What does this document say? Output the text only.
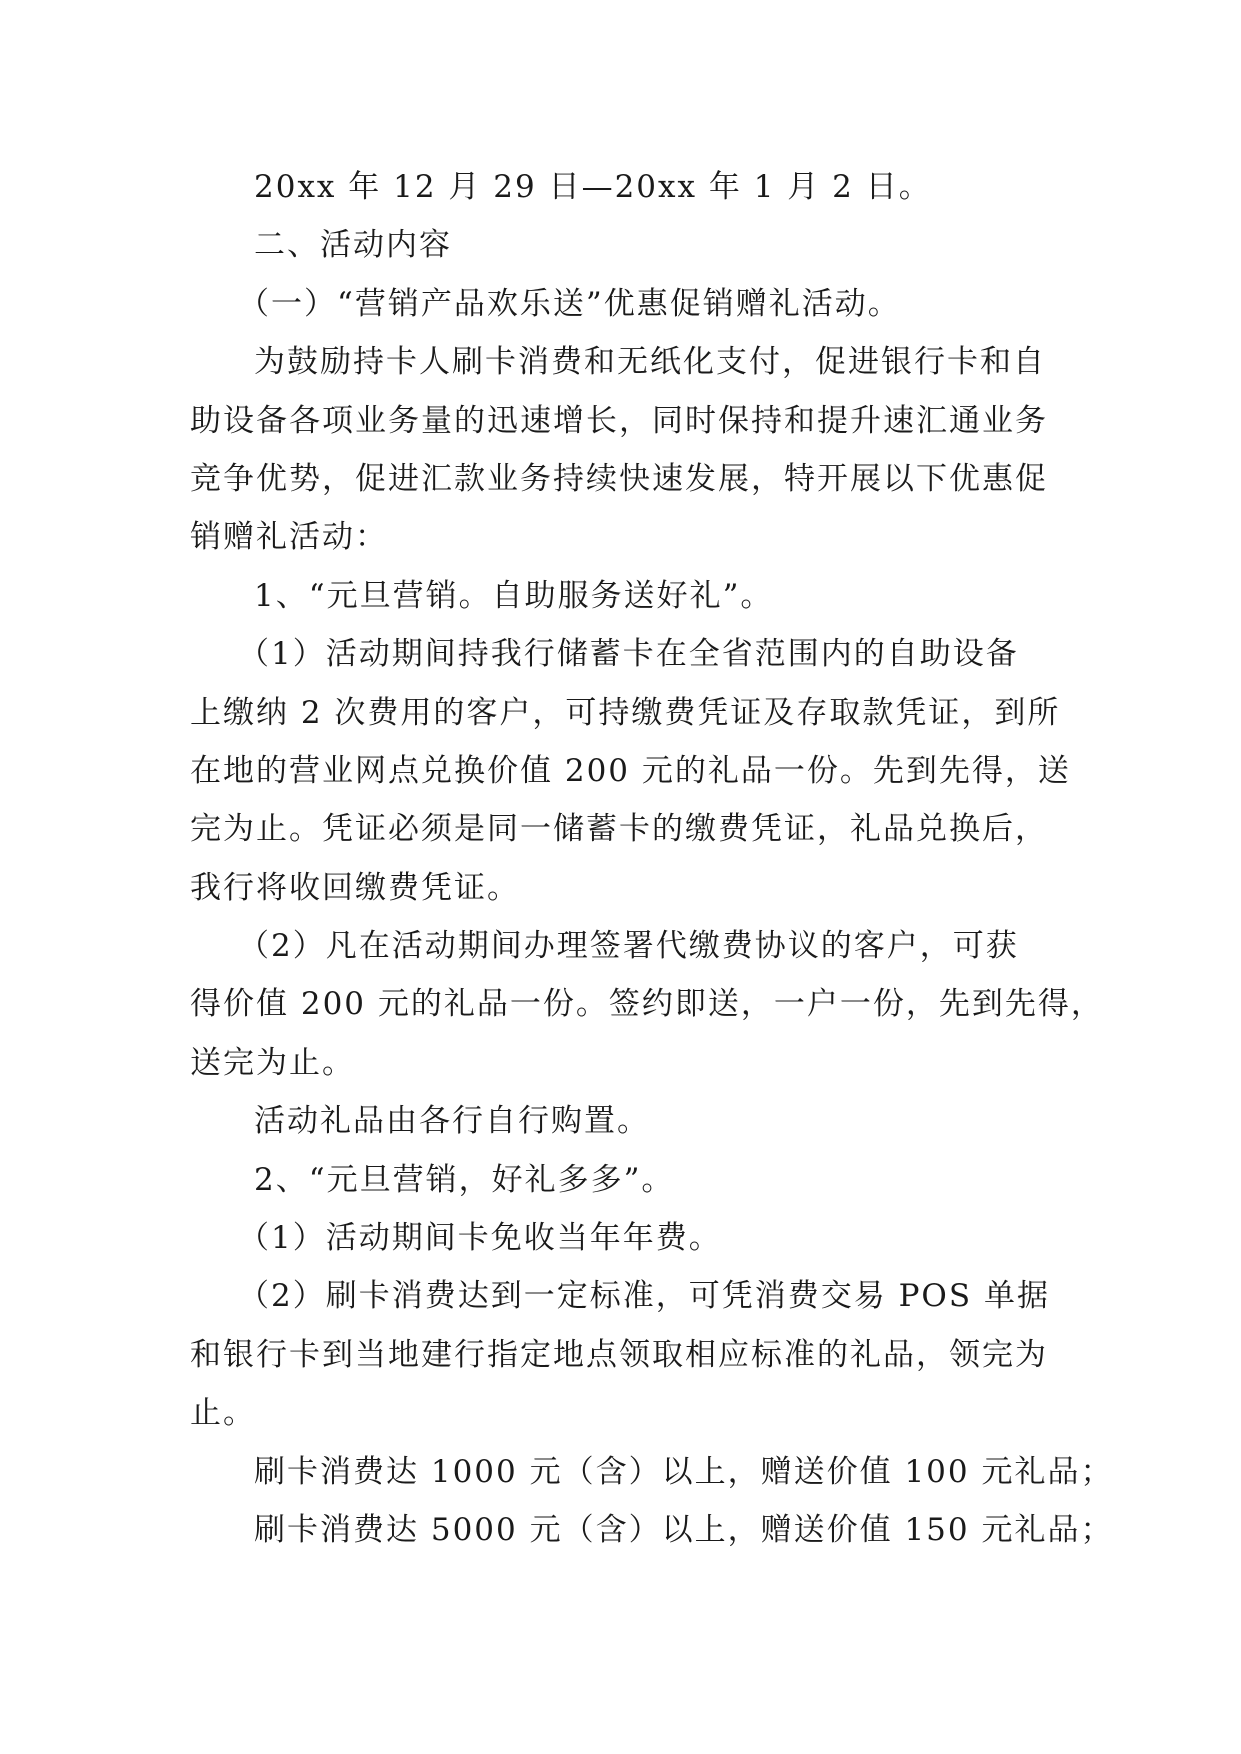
20xx 年 12 月 29 日—20xx 年 1 月 2 日。
二、活动内容
（一）“营销产品欢乐送”优惠促销赠礼活动。
为鼓励持卡人刷卡消费和无纸化支付，促进银行卡和自
助设备各项业务量的迅速增长，同时保持和提升速汇通业务
竞争优势，促进汇款业务持续快速发展，特开展以下优惠促
销赠礼活动：
1、“元旦营销。自助服务送好礼”。
（1）活动期间持我行储蓄卡在全省范围内的自助设备
上缴纳 2 次费用的客户，可持缴费凭证及存取款凭证，到所
在地的营业网点兑换价值 200 元的礼品一份。先到先得，送
完为止。凭证必须是同一储蓄卡的缴费凭证，礼品兑换后，
我行将收回缴费凭证。
（2）凡在活动期间办理签署代缴费协议的客户，可获
得价值 200 元的礼品一份。签约即送，一户一份，先到先得，
送完为止。
活动礼品由各行自行购置。
2、“元旦营销，好礼多多”。
（1）活动期间卡免收当年年费。
（2）刷卡消费达到一定标准，可凭消费交易 POS 单据
和银行卡到当地建行指定地点领取相应标准的礼品，领完为
止。
刷卡消费达 1000 元（含）以上，赠送价值 100 元礼品；
刷卡消费达 5000 元（含）以上，赠送价值 150 元礼品；
